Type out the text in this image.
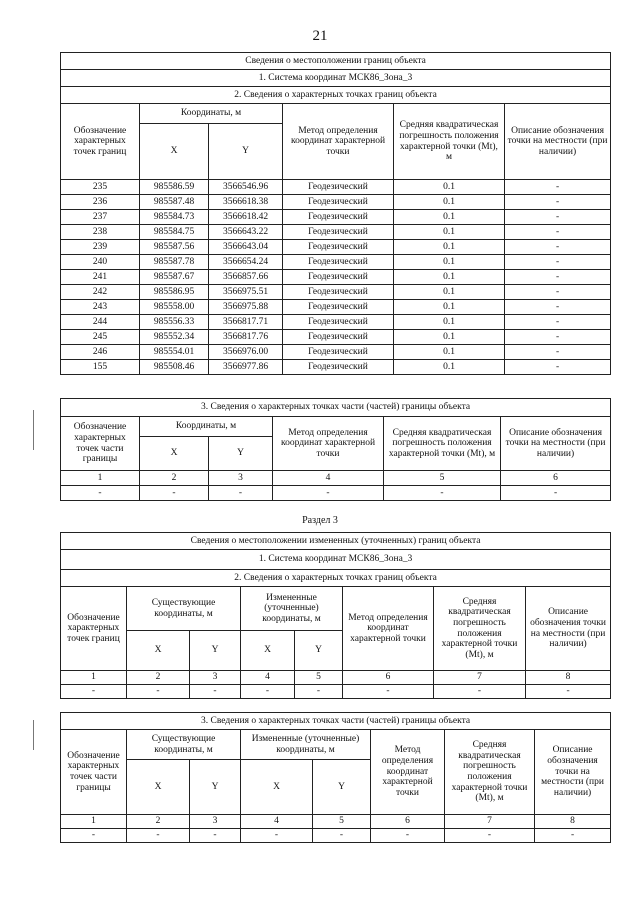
21
Сведения о местоположении границ объекта					
1. Система координат МСК86_Зона_3					
2. Сведения о характерных точках границ объекта					
Обозначение характерных точек границ	Координаты, м		Метод определения координат характерной точки	Средняя квадратическая погрешность положения характерной точки (Mt), м	Описание обозначения точки на местности (при наличии)
	X	Y			
235	985586.59	3566546.96	Геодезический	0.1	-
236	985587.48	3566618.38	Геодезический	0.1	-
237	985584.73	3566618.42	Геодезический	0.1	-
238	985584.75	3566643.22	Геодезический	0.1	-
239	985587.56	3566643.04	Геодезический	0.1	-
240	985587.78	3566654.24	Геодезический	0.1	-
241	985587.67	3566857.66	Геодезический	0.1	-
242	985586.95	3566975.51	Геодезический	0.1	-
243	985558.00	3566975.88	Геодезический	0.1	-
244	985556.33	3566817.71	Геодезический	0.1	-
245	985552.34	3566817.76	Геодезический	0.1	-
246	985554.01	3566976.00	Геодезический	0.1	-
155	985508.46	3566977.86	Геодезический	0.1	-
3. Сведения о характерных точках части (частей) границы объекта					
Обозначение характерных точек части границы	Координаты, м		Метод определения координат характерной точки	Средняя квадратическая погрешность положения характерной точки (Mt), м	Описание обозначения точки на местности (при наличии)
	X	Y			
1	2	3	4	5	6
-	-	-	-	-	-
Раздел 3
Сведения о местоположении измененных (уточненных) границ объекта							
1. Система координат МСК86_Зона_3							
2. Сведения о характерных точках границ объекта							
Обозначение характерных точек границ	Существующие координаты, м		Измененные (уточненные) координаты, м		Метод определения координат характерной точки	Средняя квадратическая погрешность положения характерной точки (Mt), м	Описание обозначения точки на местности (при наличии)
	X	Y	X	Y			
1	2	3	4	5	6	7	8
-	-	-	-	-	-	-	-
3. Сведения о характерных точках части (частей) границы объекта							
Обозначение характерных точек части границы	Существующие координаты, м		Измененные (уточненные) координаты, м		Метод определения координат характерной точки	Средняя квадратическая погрешность положения характерной точки (Mt), м	Описание обозначения точки на местности (при наличии)
	X	Y	X	Y			
1	2	3	4	5	6	7	8
-	-	-	-	-	-	-	-
